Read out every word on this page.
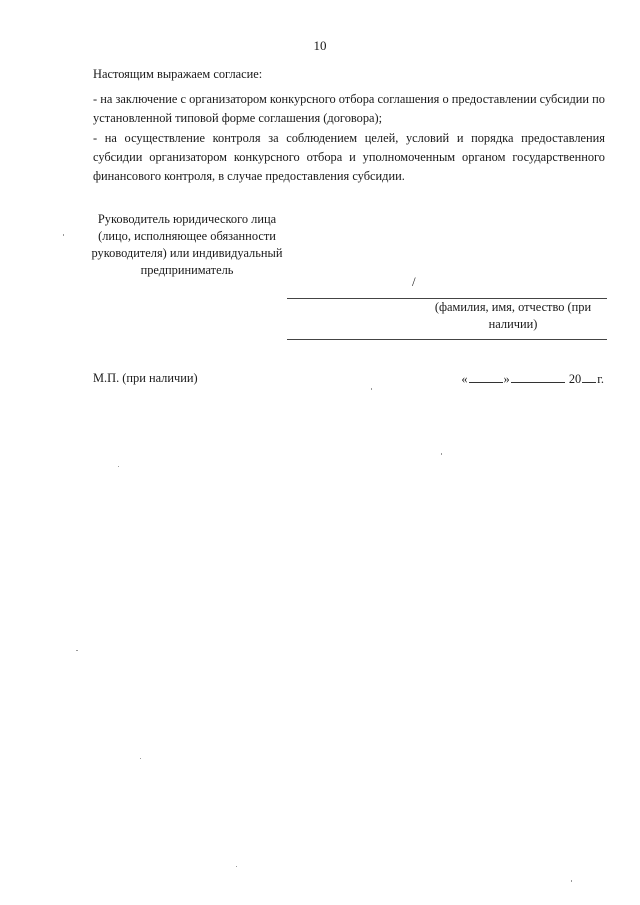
10
Настоящим выражаем согласие:
- на заключение с организатором конкурсного отбора соглашения о предоставлении субсидии по установленной типовой форме соглашения (договора);
- на осуществление контроля за соблюдением целей, условий и порядка предоставления субсидии организатором конкурсного отбора и уполномоченным органом государственного финансового контроля, в случае предоставления субсидии.
Руководитель юридического лица (лицо, исполняющее обязанности руководителя) или индивидуальный предприниматель
/
(фамилия, имя, отчество (при наличии)
М.П. (при наличии)	«	»	20 г.
